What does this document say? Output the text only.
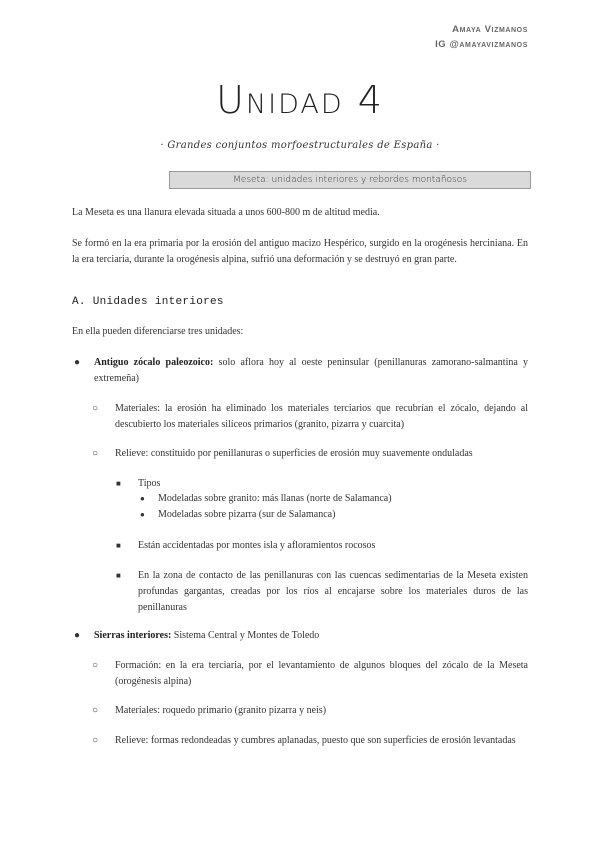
Amaya Vizmanos
IG @amayavizmanos
Unidad 4
· Grandes conjuntos morfoestructurales de España ·
Meseta: unidades interiores y rebordes montañosos
La Meseta es una llanura elevada situada a unos 600-800 m de altitud media.
Se formó en la era primaria por la erosión del antiguo macizo Hespérico, surgido en la orogénesis herciniana. En la era terciaria, durante la orogénesis alpina, sufrió una deformación y se destruyó en gran parte.
A. Unidades interiores
En ella pueden diferenciarse tres unidades:
● Antiguo zócalo paleozoico: solo aflora hoy al oeste peninsular (penillanuras zamorano-salmantina y extremeña)
○ Materiales: la erosión ha eliminado los materiales terciarios que recubrían el zócalo, dejando al descubierto los materiales silíceos primarios (granito, pizarra y cuarcita)
○ Relieve: constituido por penillanuras o superficies de erosión muy suavemente onduladas
■ Tipos
● Modeladas sobre granito: más llanas (norte de Salamanca)
● Modeladas sobre pizarra (sur de Salamanca)
■ Están accidentadas por montes isla y afloramientos rocosos
■ En la zona de contacto de las penillanuras con las cuencas sedimentarias de la Meseta existen profundas gargantas, creadas por los ríos al encajarse sobre los materiales duros de las penillanuras
● Sierras interiores: Sistema Central y Montes de Toledo
○ Formación: en la era terciaria, por el levantamiento de algunos bloques del zócalo de la Meseta (orogénesis alpina)
○ Materiales: roquedo primario (granito pizarra y neis)
○ Relieve: formas redondeadas y cumbres aplanadas, puesto que son superficies de erosión levantadas
